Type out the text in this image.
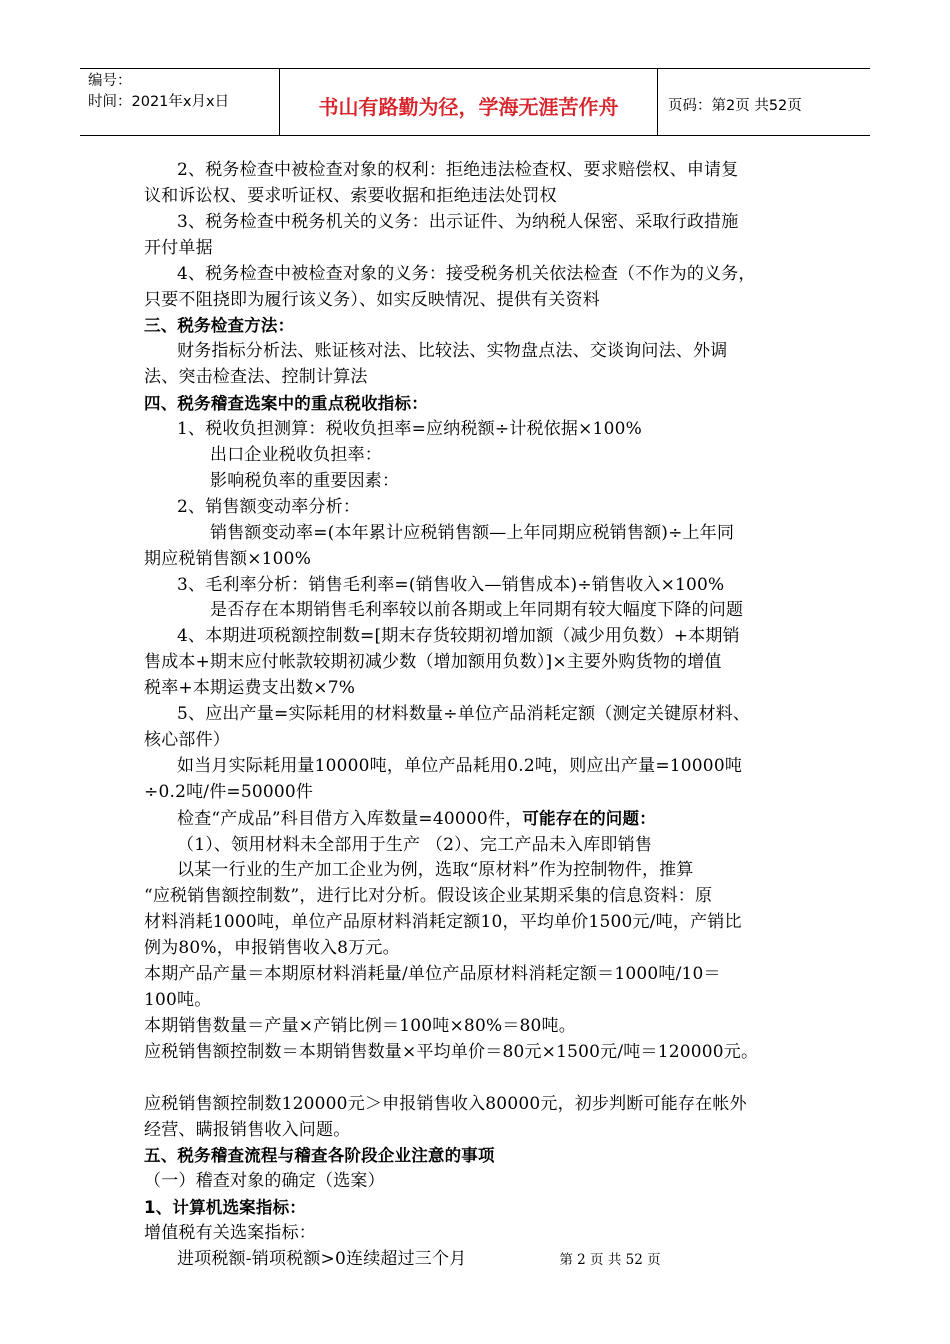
编号：
时间：2021年x月x日	书山有路勤为径，学海无涯苦作舟	页码：第2页 共52页

2、税务检查中被检查对象的权利：拒绝违法检查权、要求赔偿权、申请复

议和诉讼权、要求听证权、索要收据和拒绝违法处罚权

3、税务检查中税务机关的义务：出示证件、为纳税人保密、采取行政措施

开付单据

4、税务检查中被检查对象的义务：接受税务机关依法检查（不作为的义务，

只要不阻挠即为履行该义务）、如实反映情况、提供有关资料

三、税务检查方法：

财务指标分析法、账证核对法、比较法、实物盘点法、交谈询问法、外调

法、突击检查法、控制计算法

四、税务稽查选案中的重点税收指标：

1、税收负担测算：税收负担率=应纳税额÷计税依据×100%

出口企业税收负担率：

影响税负率的重要因素：

2、销售额变动率分析：

销售额变动率=(本年累计应税销售额—上年同期应税销售额)÷上年同

期应税销售额×100%

3、毛利率分析：销售毛利率=(销售收入—销售成本)÷销售收入×100%

是否存在本期销售毛利率较以前各期或上年同期有较大幅度下降的问题

4、本期进项税额控制数=[期末存货较期初增加额（减少用负数）+本期销

售成本+期末应付帐款较期初减少数（增加额用负数）]×主要外购货物的增值

税率+本期运费支出数×7%

5、应出产量=实际耗用的材料数量÷单位产品消耗定额（测定关键原材料、

核心部件）

如当月实际耗用量10000吨，单位产品耗用0.2吨，则应出产量=10000吨

÷0.2吨/件=50000件

检查“产成品”科目借方入库数量=40000件，可能存在的问题：

（1）、领用材料未全部用于生产 （2）、完工产品未入库即销售

以某一行业的生产加工企业为例，选取“原材料”作为控制物件，推算

“应税销售额控制数”，进行比对分析。假设该企业某期采集的信息资料：原

材料消耗1000吨，单位产品原材料消耗定额10，平均单价1500元/吨，产销比

例为80%，申报销售收入8万元。

本期产品产量＝本期原材料消耗量/单位产品原材料消耗定额＝1000吨/10＝

100吨。

本期销售数量＝产量×产销比例＝100吨×80%＝80吨。

应税销售额控制数＝本期销售数量×平均单价＝80元×1500元/吨＝120000元。

应税销售额控制数120000元＞申报销售收入80000元，初步判断可能存在帐外

经营、瞒报销售收入问题。

五、税务稽查流程与稽查各阶段企业注意的事项

（一）稽查对象的确定（选案）

1、计算机选案指标：

增值税有关选案指标：

进项税额-销项税额>0连续超过三个月	第 2 页 共 52 页
